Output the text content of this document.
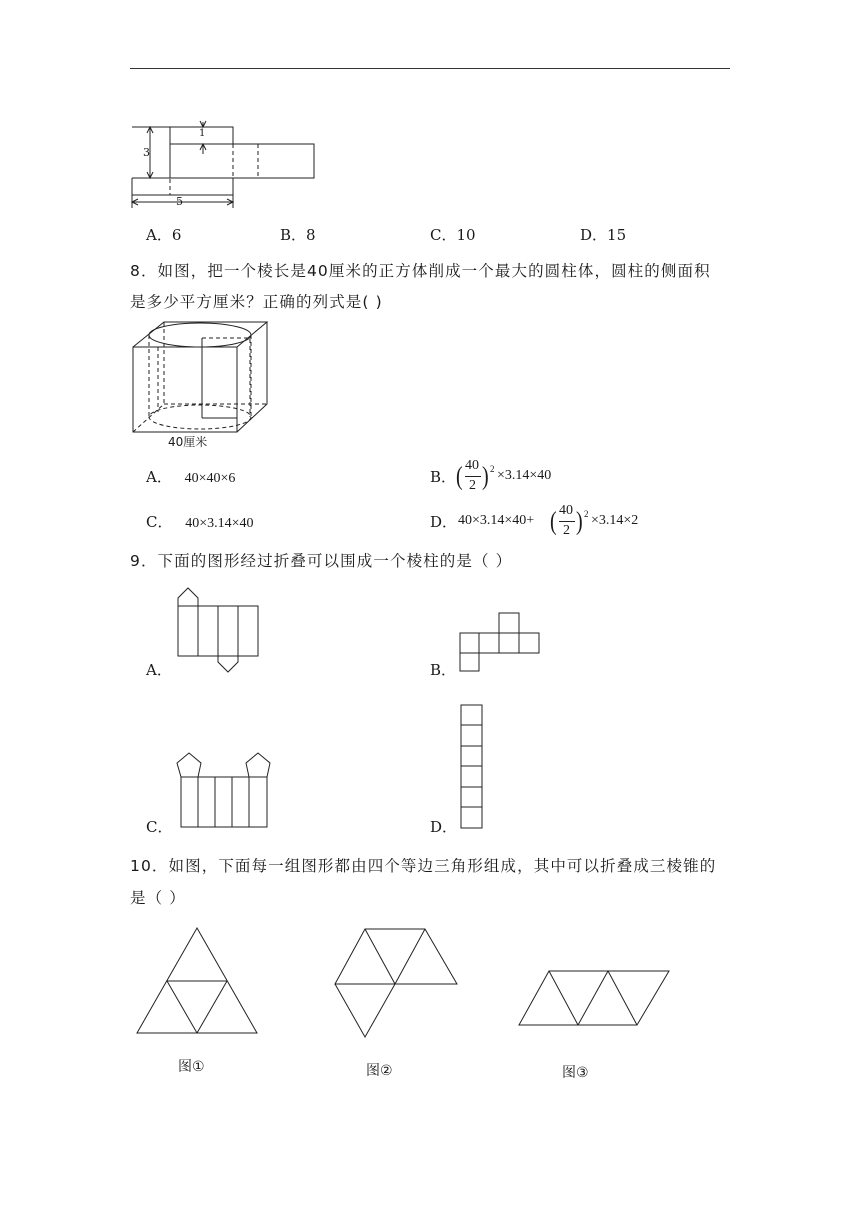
1
3
5
A．6	B．8	C．10	D．15
8．如图，把一个棱长是40厘米的正方体削成一个最大的圆柱体，圆柱的侧面积
是多少平方厘米？正确的列式是( )
40厘米
A． 40×40×6	B． ( 40
2 ) 2 ×3.14×40
C． 40×3.14×40	D． 40×3.14×40+ ( 40
2 ) 2 ×3.14×2
9．下面的图形经过折叠可以围成一个棱柱的是（ ）
A．	B．
C．	D．
10．如图，下面每一组图形都由四个等边三角形组成，其中可以折叠成三棱锥的
是（ ）
图①	图②	图③
